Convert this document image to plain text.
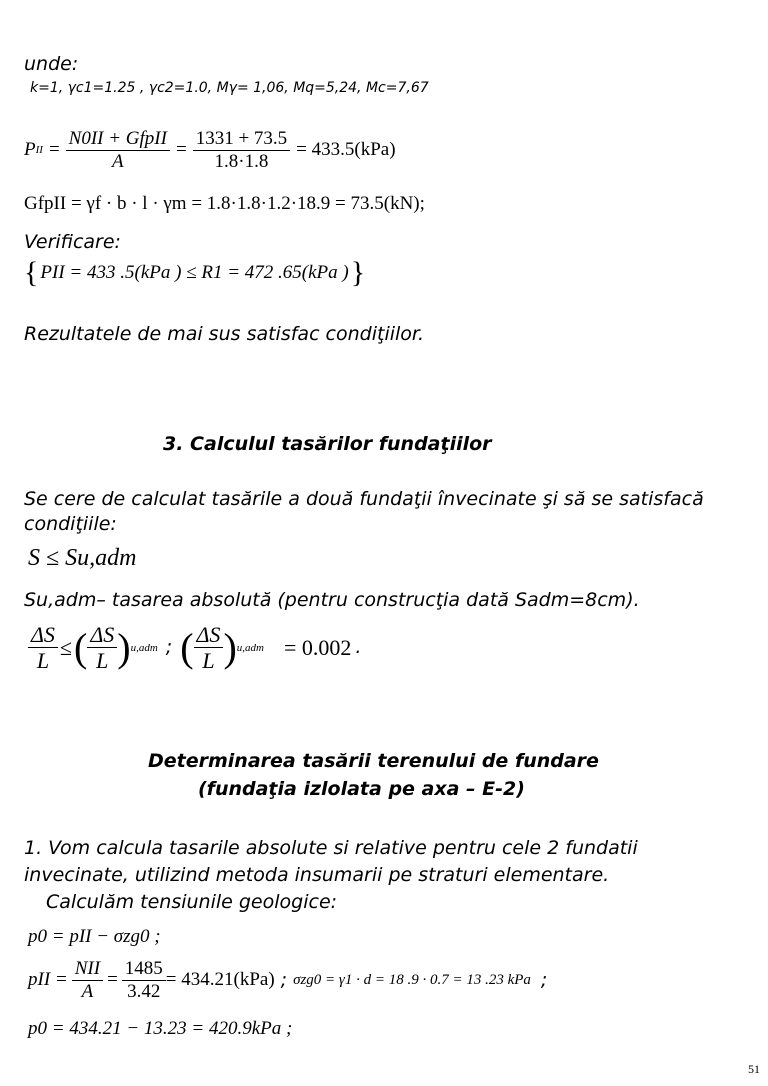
unde:
k=1, γc1=1.25 , γc2=1.0, Mγ= 1,06, Mq=5,24, Mc=7,67
P II = $\frac{\text{N0II + GfpII}}{A} = \frac{1331 + 73.5}{1.8\cdot 1.8} = 433.5(kPa)$
GfpII = γf · b · l · γm = 1.8·1.8·1.2·18.9 = 73.5(kN);
Verificare:
{ PII = 433 .5(kPa ) ≤ R1 = 472 .65(kPa ) }
Rezultatele de mai sus satisfac condiţiilor.
3. Calculul tasărilor fundaţiilor
Se cere de calculat tasările a două fundaţii învecinate şi să se satisfacă condiţiile:
S ≤ Su,adm
Su,adm – tasarea absolută (pentru construcţia dată Sadm=8cm).
$\frac{\Delta S}{L}$ ≤ ( $\frac{\Delta S}{L}$ ) u,adm ; ( $\frac{\Delta S}{L}$ ) u,adm = 0.002 .
Determinarea tasării terenului de fundare
(fundaţia izlolata pe axa – E-2)
1. Vom calcula tasarile absolute si relative pentru cele 2 fundatii
invecinate, utilizind metoda insumarii pe straturi elementare.
Calculăm tensiunile geologice:
p0 = pII − σzg0 ;
pII = $\frac{\text{NII}}{A} = \frac{1485}{3.42} = 434.21(kPa)$ ; σzg0 = γ1 · d = 18 .9 · 0.7 = 13 .23 kPa ;
p0 = 434.21 − 13.23 = 420.9kPa ;
51
